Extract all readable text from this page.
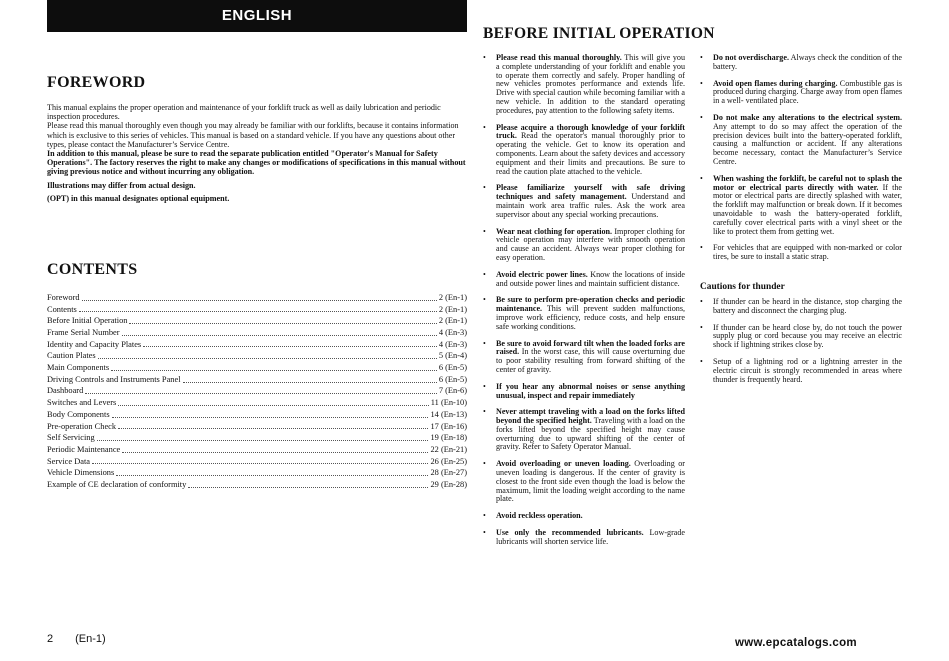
ENGLISH
FOREWORD

This manual explains the proper operation and maintenance of your forklift truck as well as daily lubrication and periodic inspection procedures.

Please read this manual thoroughly even though you may already be familiar with our forklifts, because it contains information which is exclusive to this series of vehicles. This manual is based on a standard vehicle. If you have any questions about other types, please contact the Manufacturer’s Service Centre.

In addition to this manual, please be sure to read the separate publication entitled "Operator's Manual for Safety Operations". The factory reserves the right to make any changes or modifications of specifications in this manual without giving previous notice and without incurring any obligation.

Illustrations may differ from actual design.

(OPT) in this manual designates optional equipment.

CONTENTS
Foreword	2 (En-1)
Contents	2 (En-1)
Before Initial Operation	2 (En-1)
Frame Serial Number	4 (En-3)
Identity and Capacity Plates	4 (En-3)
Caution Plates	5 (En-4)
Main Components	6 (En-5)
Driving Controls and Instruments Panel	6 (En-5)
Dashboard	7 (En-6)
Switches and Levers	11 (En-10)
Body Components	14 (En-13)
Pre-operation Check	17 (En-16)
Self Servicing	19 (En-18)
Periodic Maintenance	22 (En-21)
Service Data	26 (En-25)
Vehicle Dimensions	28 (En-27)
Example of CE declaration of conformity	29 (En-28)
2 (En-1)
BEFORE INITIAL OPERATION
• Please read this manual thoroughly. This will give you a complete understanding of your forklift and enable you to operate them correctly and safely. Proper handling of new vehicles promotes performance and extends life. Drive with special caution while becoming familiar with a new vehicle. In addition to the standard operating procedures, pay attention to the following safety items.
• Please acquire a thorough knowledge of your forklift truck. Read the operator's manual thoroughly prior to operating the vehicle. Get to know its operation and components. Learn about the safety devices and accessory equipment and their limits and precautions. Be sure to read the caution plate attached to the vehicle.
• Please familiarize yourself with safe driving techniques and safety management. Understand and maintain work area traffic rules. Ask the work area supervisor about any special working precautions.
• Wear neat clothing for operation. Improper clothing for vehicle operation may interfere with smooth operation and cause an accident. Always wear proper clothing for easy operation.
• Avoid electric power lines. Know the locations of inside and outside power lines and maintain sufficient distance.
• Be sure to perform pre-operation checks and periodic maintenance. This will prevent sudden malfunctions, improve work efficiency, reduce costs, and help ensure safe working conditions.
• Be sure to avoid forward tilt when the loaded forks are raised. In the worst case, this will cause overturning due to poor stability resulting from forward shifting of the center of gravity.
• If you hear any abnormal noises or sense anything unusual, inspect and repair immediately
• Never attempt traveling with a load on the forks lifted beyond the specified height. Traveling with a load on the forks lifted beyond the specified height may cause overturning due to upward shifting of the center of gravity. Refer to Safety Operator Manual.
• Avoid overloading or uneven loading. Overloading or uneven loading is dangerous. If the center of gravity is closest to the front side even though the load is below the maximum, limit the loading weight according to the name plate.
• Avoid reckless operation.
• Use only the recommended lubricants. Low-grade lubricants will shorten service life.
• Do not overdischarge. Always check the condition of the battery.
• Avoid open flames during charging. Combustible gas is produced during charging. Charge away from open flames in a well- ventilated place.
• Do not make any alterations to the electrical system. Any attempt to do so may affect the operation of the precision devices built into the battery-operated forklift, causing a malfunction or accident. If any alterations become necessary, contact the Manufacturer’s Service Centre.
• When washing the forklift, be careful not to splash the motor or electrical parts directly with water. If the motor or electrical parts are directly splashed with water, the forklift may malfunction or break down. If it becomes unavoidable to wash the battery-operated forklift, carefully cover electrical parts with a vinyl sheet or the like to protect them from getting wet.
• For vehicles that are equipped with non-marked or color tires, be sure to install a static strap.
Cautions for thunder
• If thunder can be heard in the distance, stop charging the battery and disconnect the charging plug.
• If thunder can be heard close by, do not touch the power supply plug or cord because you may receive an electric shock if lightning strikes close by.
• Setup of a lightning rod or a lightning arrester in the electric circuit is strongly recommended in areas where thunder is frequently heard.
www.epcatalogs.com
